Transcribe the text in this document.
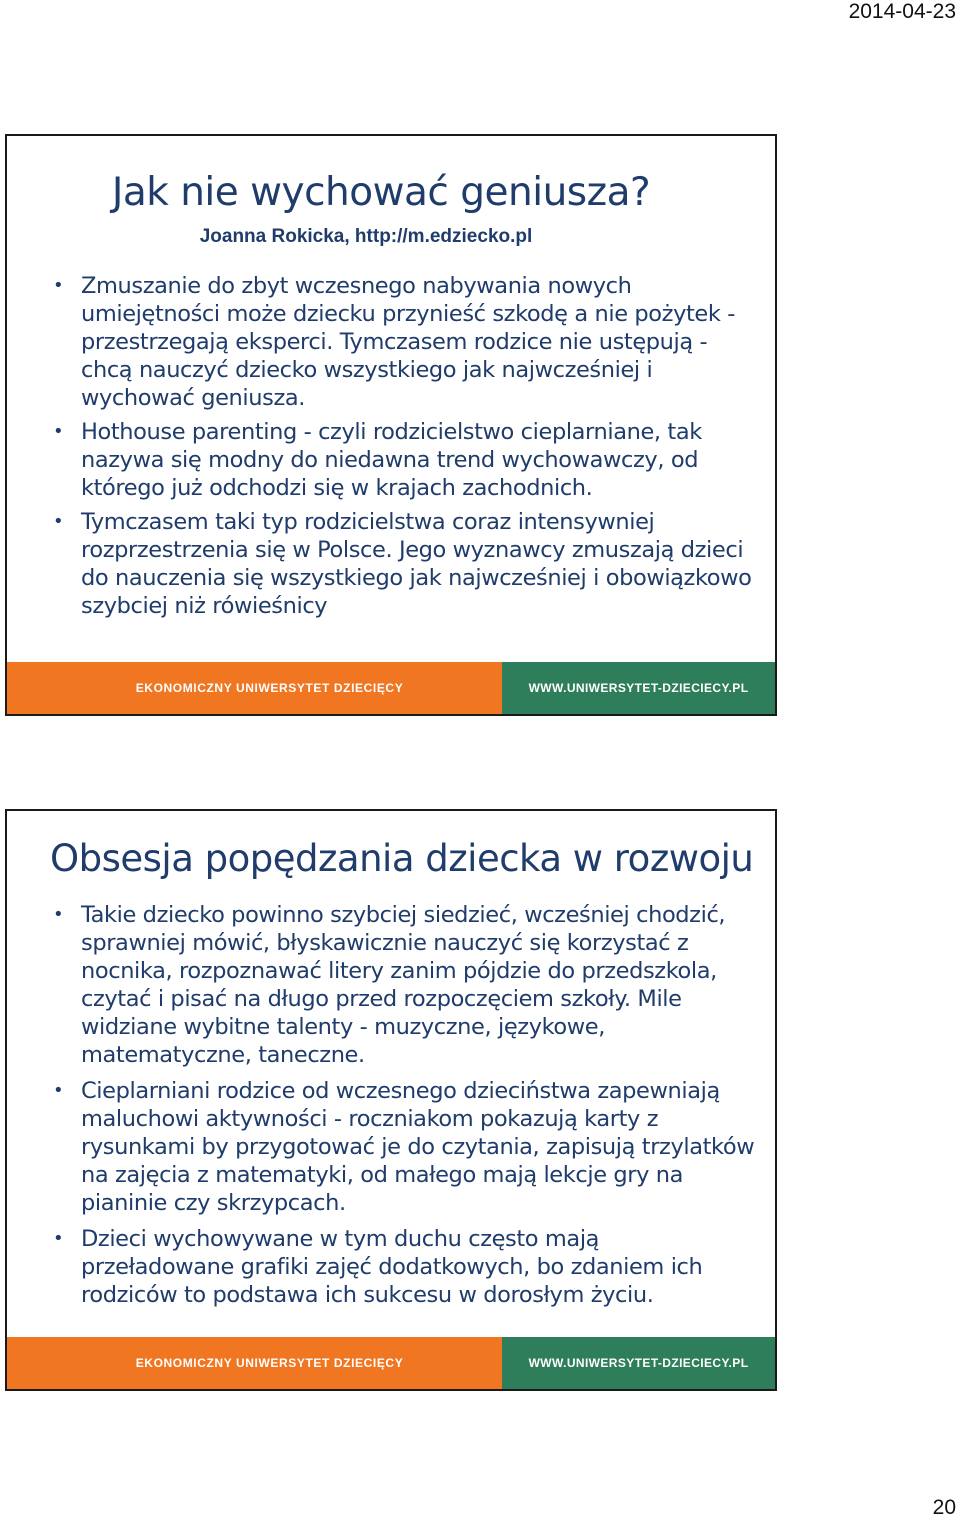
2014-04-23
Jak nie wychować geniusza?
Joanna Rokicka, http://m.edziecko.pl
• Zmuszanie do zbyt wczesnego nabywania nowych umiejętności może dziecku przynieść szkodę a nie pożytek - przestrzegają eksperci. Tymczasem rodzice nie ustępują - chcą nauczyć dziecko wszystkiego jak najwcześniej i wychować geniusza.
• Hothouse parenting - czyli rodzicielstwo cieplarniane, tak nazywa się modny do niedawna trend wychowawczy, od którego już odchodzi się w krajach zachodnich.
• Tymczasem taki typ rodzicielstwa coraz intensywniej rozprzestrzenia się w Polsce. Jego wyznawcy zmuszają dzieci do nauczenia się wszystkiego jak najwcześniej i obowiązkowo szybciej niż rówieśnicy
EKONOMICZNY UNIWERSYTET DZIECIĘCY	WWW.UNIWERSYTET-DZIECIECY.PL
Obsesja popędzania dziecka w rozwoju
• Takie dziecko powinno szybciej siedzieć, wcześniej chodzić, sprawniej mówić, błyskawicznie nauczyć się korzystać z nocnika, rozpoznawać litery zanim pójdzie do przedszkola, czytać i pisać na długo przed rozpoczęciem szkoły. Mile widziane wybitne talenty - muzyczne, językowe, matematyczne, taneczne.
• Cieplarniani rodzice od wczesnego dzieciństwa zapewniają maluchowi aktywności - roczniakom pokazują karty z rysunkami by przygotować je do czytania, zapisują trzylatków na zajęcia z matematyki, od małego mają lekcje gry na pianinie czy skrzypcach.
• Dzieci wychowywane w tym duchu często mają przeładowane grafiki zajęć dodatkowych, bo zdaniem ich rodziców to podstawa ich sukcesu w dorosłym życiu.
EKONOMICZNY UNIWERSYTET DZIECIĘCY	WWW.UNIWERSYTET-DZIECIECY.PL
20
